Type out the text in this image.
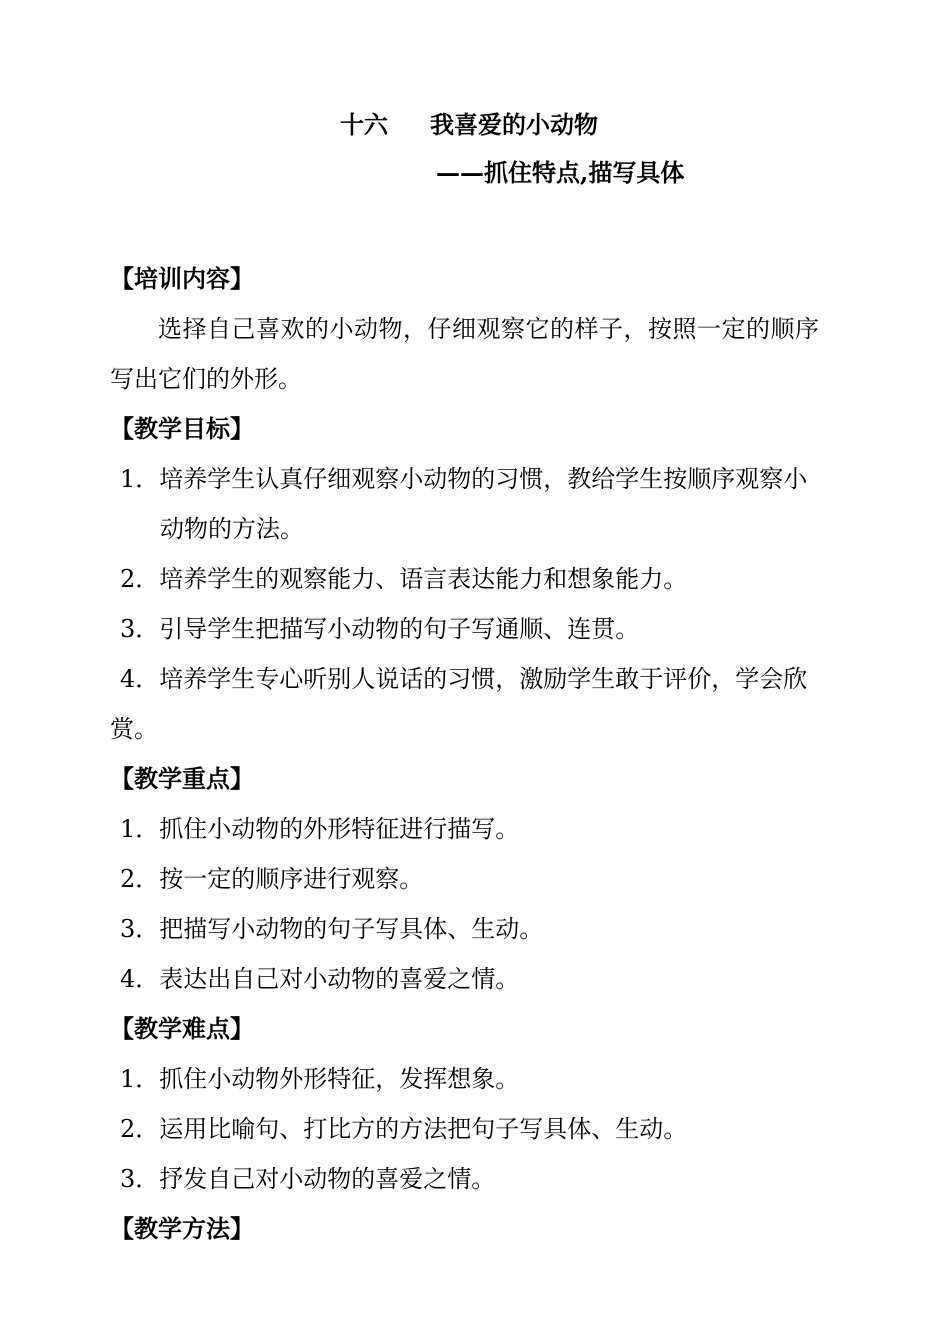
十六 我喜爱的小动物
——抓住特点,描写具体
【培训内容】
选择自己喜欢的小动物，仔细观察它的样子，按照一定的顺序
写出它们的外形。
【教学目标】
1．培养学生认真仔细观察小动物的习惯，教给学生按顺序观察小
动物的方法。
2．培养学生的观察能力、语言表达能力和想象能力。
3．引导学生把描写小动物的句子写通顺、连贯。
4．培养学生专心听别人说话的习惯，激励学生敢于评价，学会欣
赏。
【教学重点】
1．抓住小动物的外形特征进行描写。
2．按一定的顺序进行观察。
3．把描写小动物的句子写具体、生动。
4．表达出自己对小动物的喜爱之情。
【教学难点】
1．抓住小动物外形特征，发挥想象。
2．运用比喻句、打比方的方法把句子写具体、生动。
3．抒发自己对小动物的喜爱之情。
【教学方法】
